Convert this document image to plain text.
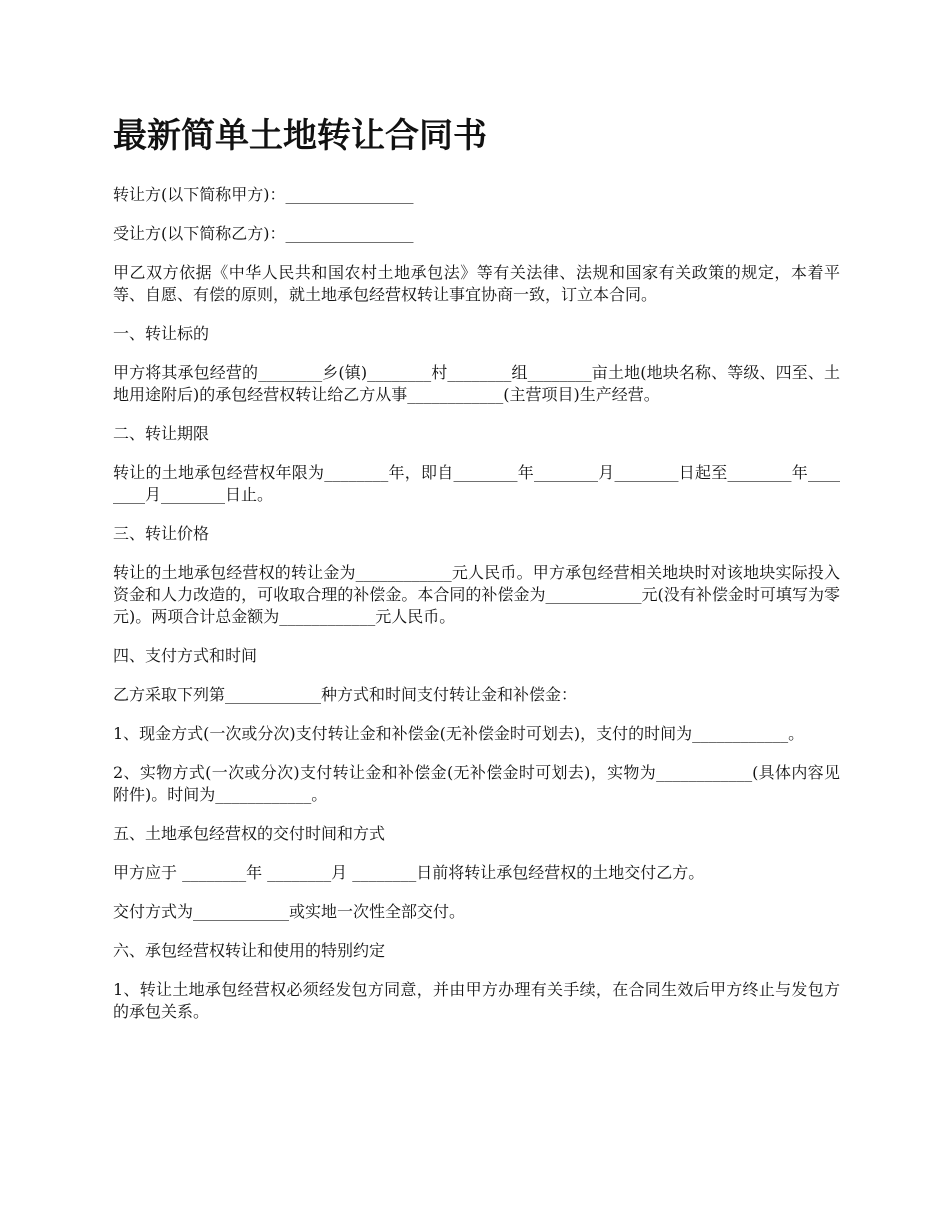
最新简单土地转让合同书

转让方(以下简称甲方)：________________

受让方(以下简称乙方)：________________

甲乙双方依据《中华人民共和国农村土地承包法》等有关法律、法规和国家有关政策的规定，本着平等、自愿、有偿的原则，就土地承包经营权转让事宜协商一致，订立本合同。

一、转让标的

甲方将其承包经营的________乡(镇)________村________组________亩土地(地块名称、等级、四至、土地用途附后)的承包经营权转让给乙方从事____________(主营项目)生产经营。

二、转让期限

转让的土地承包经营权年限为________年，即自________年________月________日起至________年________月________日止。

三、转让价格

转让的土地承包经营权的转让金为____________元人民币。甲方承包经营相关地块时对该地块实际投入资金和人力改造的，可收取合理的补偿金。本合同的补偿金为____________元(没有补偿金时可填写为零元)。两项合计总金额为____________元人民币。

四、支付方式和时间

乙方采取下列第____________种方式和时间支付转让金和补偿金：

1、现金方式(一次或分次)支付转让金和补偿金(无补偿金时可划去)，支付的时间为____________。

2、实物方式(一次或分次)支付转让金和补偿金(无补偿金时可划去)，实物为____________(具体内容见附件)。时间为____________。

五、土地承包经营权的交付时间和方式

甲方应于 ________年 ________月 ________日前将转让承包经营权的土地交付乙方。

交付方式为____________或实地一次性全部交付。

六、承包经营权转让和使用的特别约定

1、转让土地承包经营权必须经发包方同意，并由甲方办理有关手续，在合同生效后甲方终止与发包方的承包关系。
